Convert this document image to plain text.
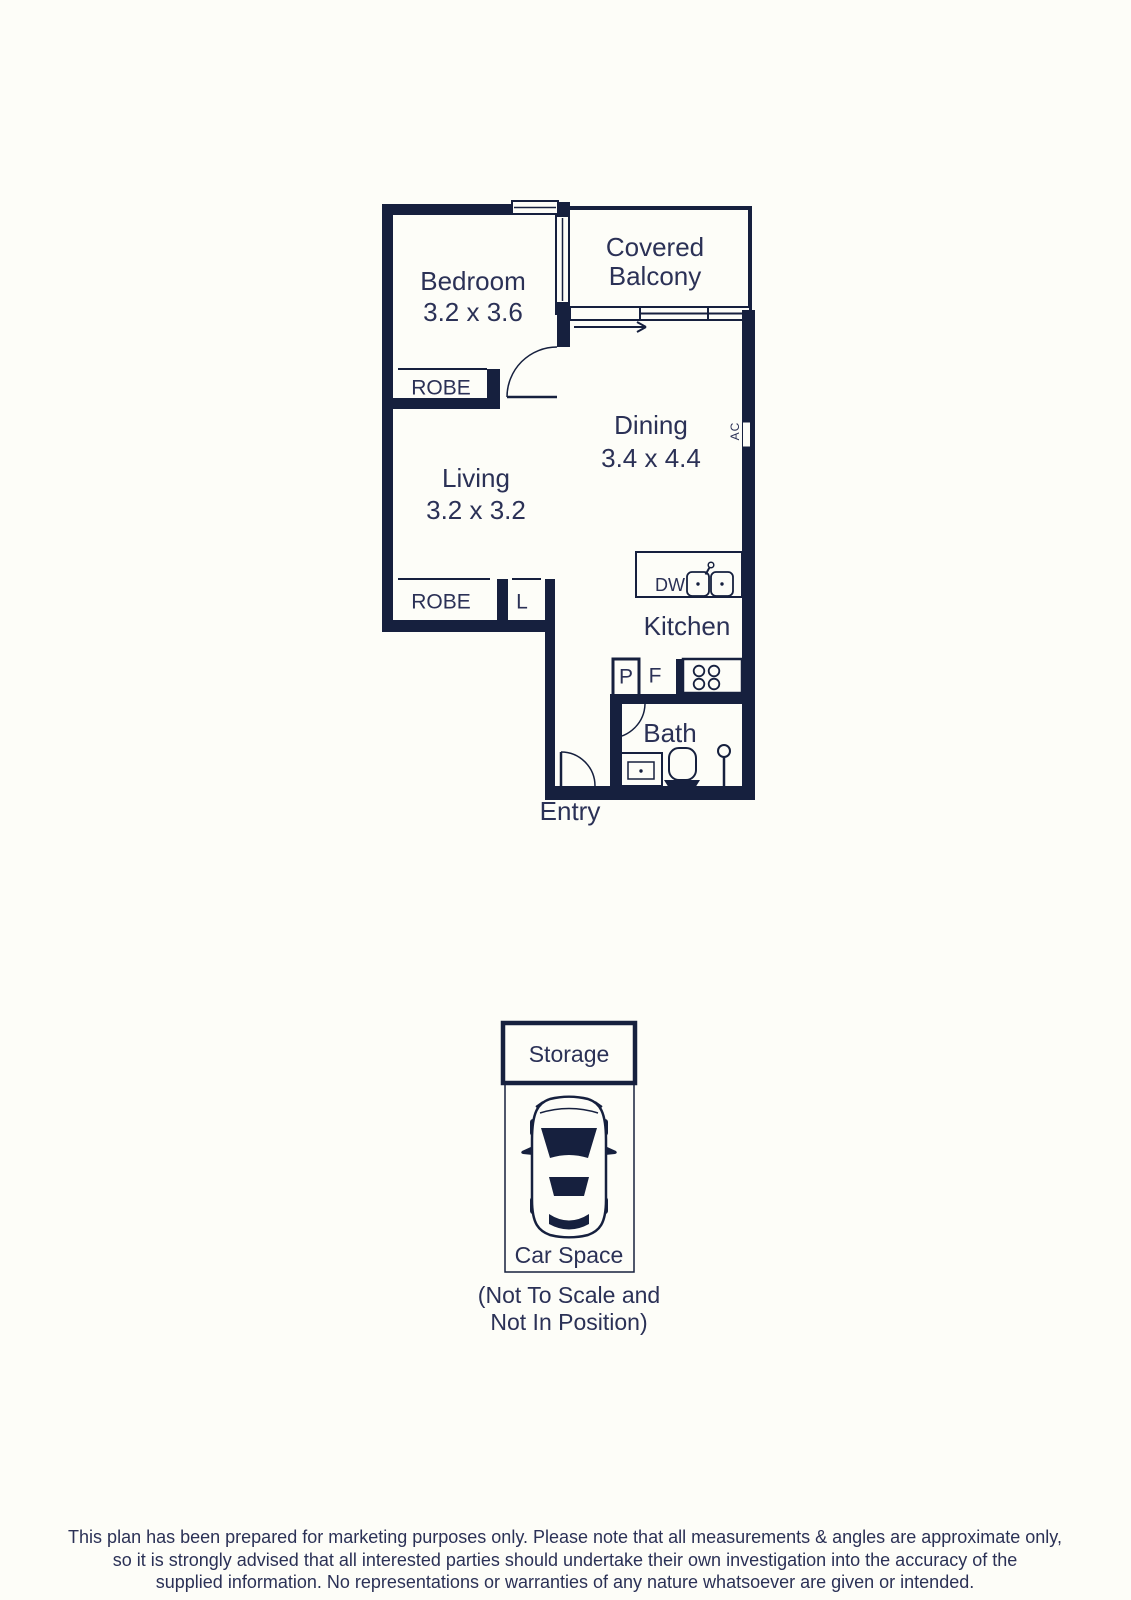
Bedroom
3.2 x 3.6
Covered
Balcony
Dining
3.4 x 4.4
Living
3.2 x 3.2
Kitchen
Bath
Entry
ROBE
ROBE L
DW
P F
AC
Storage
Car Space
(Not To Scale and
Not In Position)
This plan has been prepared for marketing purposes only. Please note that all measurements & angles are approximate only,
so it is strongly advised that all interested parties should undertake their own investigation into the accuracy of the
supplied information. No representations or warranties of any nature whatsoever are given or intended.
